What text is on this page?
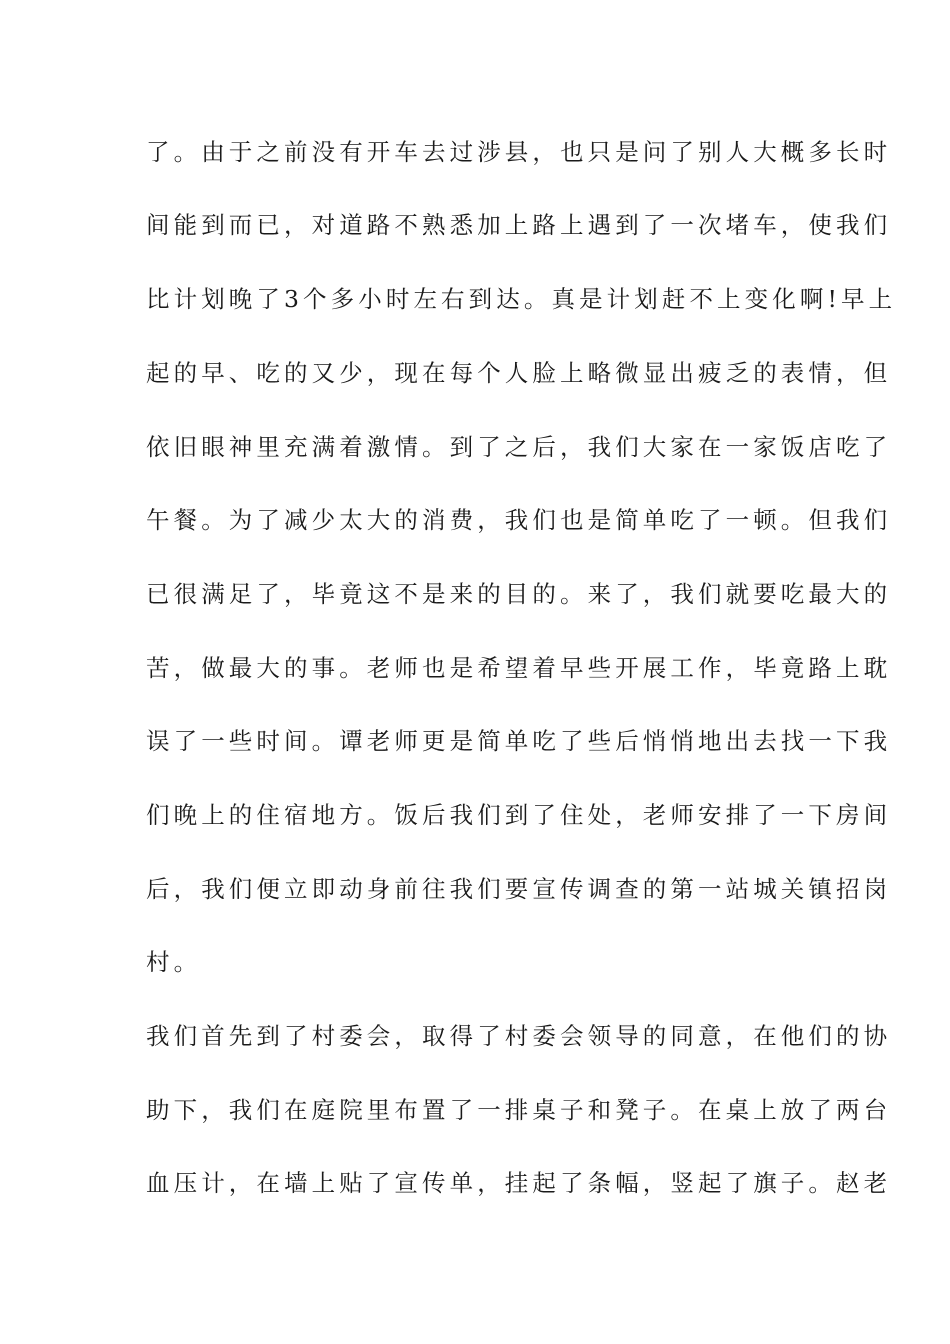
了。由于之前没有开车去过涉县，也只是问了别人大概多长时
间能到而已，对道路不熟悉加上路上遇到了一次堵车，使我们
比计划晚了3个多小时左右到达。真是计划赶不上变化啊!早上
起的早、吃的又少，现在每个人脸上略微显出疲乏的表情，但
依旧眼神里充满着激情。到了之后，我们大家在一家饭店吃了
午餐。为了减少太大的消费，我们也是简单吃了一顿。但我们
已很满足了，毕竟这不是来的目的。来了，我们就要吃最大的
苦，做最大的事。老师也是希望着早些开展工作，毕竟路上耽
误了一些时间。谭老师更是简单吃了些后悄悄地出去找一下我
们晚上的住宿地方。饭后我们到了住处，老师安排了一下房间
后，我们便立即动身前往我们要宣传调查的第一站城关镇招岗
村。
我们首先到了村委会，取得了村委会领导的同意，在他们的协
助下，我们在庭院里布置了一排桌子和凳子。在桌上放了两台
血压计，在墙上贴了宣传单，挂起了条幅，竖起了旗子。赵老
